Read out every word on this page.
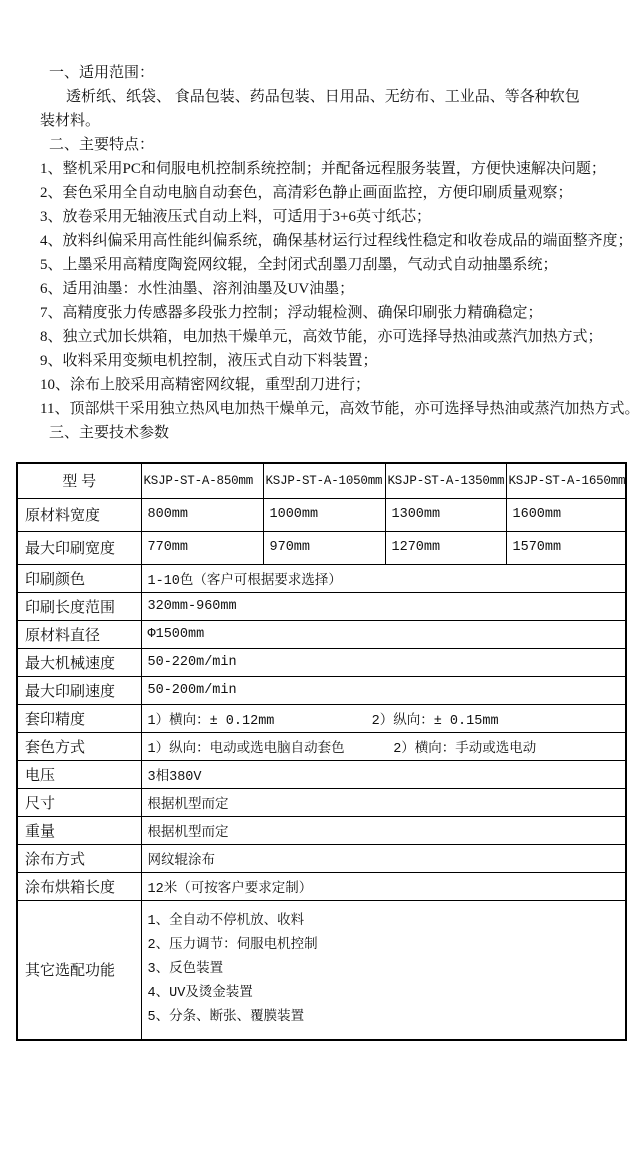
一、适用范围：
透析纸、纸袋、 食品包装、药品包装、日用品、无纺布、工业品、等各种软包
装材料。
二、主要特点：
1、整机采用PC和伺服电机控制系统控制；并配备远程服务装置，方便快速解决问题；
2、套色采用全自动电脑自动套色，高清彩色静止画面监控，方便印刷质量观察；
3、放卷采用无轴液压式自动上料，可适用于3+6英寸纸芯；
4、放料纠偏采用高性能纠偏系统，确保基材运行过程线性稳定和收卷成品的端面整齐度；
5、上墨采用高精度陶瓷网纹辊，全封闭式刮墨刀刮墨，气动式自动抽墨系统；
6、适用油墨：水性油墨、溶剂油墨及UV油墨；
7、高精度张力传感器多段张力控制；浮动辊检测、确保印刷张力精确稳定；
8、独立式加长烘箱，电加热干燥单元，高效节能，亦可选择导热油或蒸汽加热方式；
9、收料采用变频电机控制，液压式自动下料装置；
10、涂布上胶采用高精密网纹辊，重型刮刀进行；
11、顶部烘干采用独立热风电加热干燥单元，高效节能，亦可选择导热油或蒸汽加热方式。
三、主要技术参数
型 号	KSJP-ST-A-850mm	KSJP-ST-A-1050mm	KSJP-ST-A-1350mm	KSJP-ST-A-1650mm
原材料宽度	800mm	1000mm	1300mm	1600mm
最大印刷宽度	770mm	970mm	1270mm	1570mm
印刷颜色	1-10色（客户可根据要求选择）			
印刷长度范围	320mm-960mm			
原材料直径	Φ1500mm			
最大机械速度	50-220m/min			
最大印刷速度	50-200m/min			
套印精度	1）横向：± 0.12mm            2）纵向：± 0.15mm			
套色方式	1）纵向：电动或选电脑自动套色      2）横向：手动或选电动			
电压	3相380V			
尺寸	根据机型而定			
重量	根据机型而定			
涂布方式	网纹辊涂布			
涂布烘箱长度	12米（可按客户要求定制）			
其它选配功能	1、全自动不停机放、收料
2、压力调节：伺服电机控制
3、反色装置
4、UV及烫金装置
5、分条、断张、覆膜装置			
